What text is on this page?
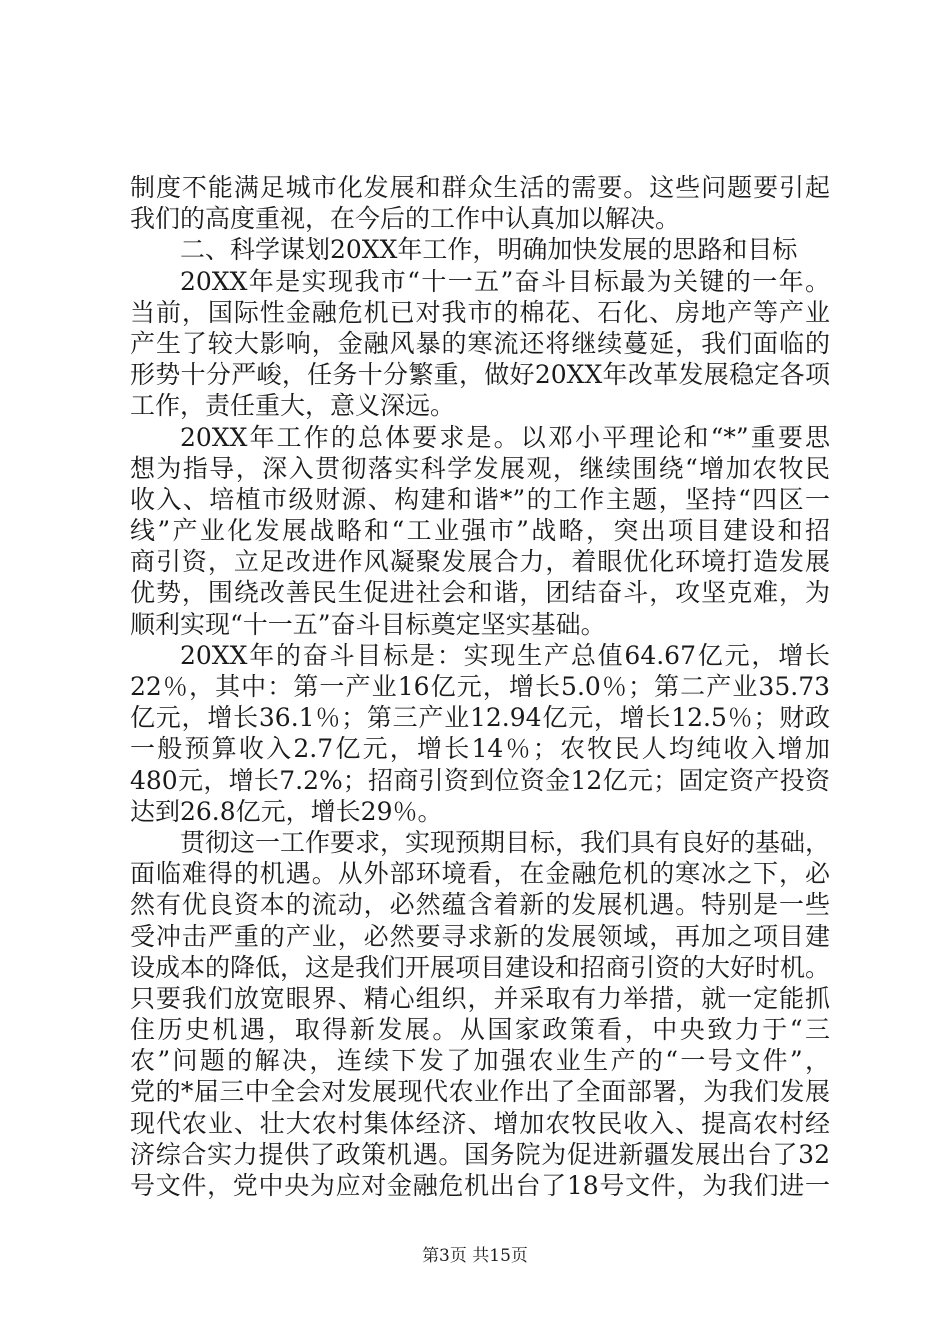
制度不能满足城市化发展和群众生活的需要。这些问题要引起
我们的高度重视，在今后的工作中认真加以解决。
二、科学谋划20XX年工作，明确加快发展的思路和目标
20XX年是实现我市“十一五”奋斗目标最为关键的一年。
当前，国际性金融危机已对我市的棉花、石化、房地产等产业
产生了较大影响，金融风暴的寒流还将继续蔓延，我们面临的
形势十分严峻，任务十分繁重，做好20XX年改革发展稳定各项
工作，责任重大，意义深远。
20XX年工作的总体要求是。以邓小平理论和“*”重要思
想为指导，深入贯彻落实科学发展观，继续围绕“增加农牧民
收入、培植市级财源、构建和谐*”的工作主题，坚持“四区一
线”产业化发展战略和“工业强市”战略，突出项目建设和招
商引资，立足改进作风凝聚发展合力，着眼优化环境打造发展
优势，围绕改善民生促进社会和谐，团结奋斗，攻坚克难，为
顺利实现“十一五”奋斗目标奠定坚实基础。
20XX年的奋斗目标是：实现生产总值64.67亿元，增长
22％，其中：第一产业16亿元，增长5.0％；第二产业35.73
亿元，增长36.1％；第三产业12.94亿元，增长12.5％；财政
一般预算收入2.7亿元，增长14％；农牧民人均纯收入增加
480元，增长7.2%；招商引资到位资金12亿元；固定资产投资
达到26.8亿元，增长29％。
贯彻这一工作要求，实现预期目标，我们具有良好的基础，
面临难得的机遇。从外部环境看，在金融危机的寒冰之下，必
然有优良资本的流动，必然蕴含着新的发展机遇。特别是一些
受冲击严重的产业，必然要寻求新的发展领域，再加之项目建
设成本的降低，这是我们开展项目建设和招商引资的大好时机。
只要我们放宽眼界、精心组织，并采取有力举措，就一定能抓
住历史机遇，取得新发展。从国家政策看，中央致力于“三
农”问题的解决，连续下发了加强农业生产的“一号文件”，
党的*届三中全会对发展现代农业作出了全面部署，为我们发展
现代农业、壮大农村集体经济、增加农牧民收入、提高农村经
济综合实力提供了政策机遇。国务院为促进新疆发展出台了32
号文件，党中央为应对金融危机出台了18号文件，为我们进一
第3页 共15页
